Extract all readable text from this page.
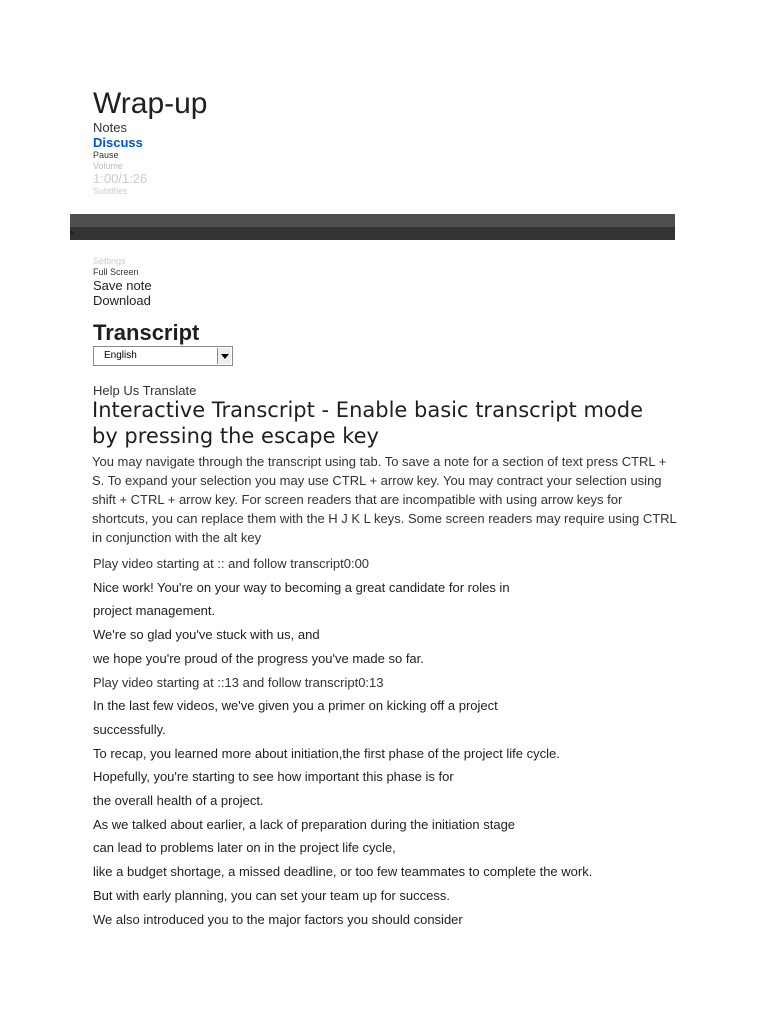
Wrap-up
Notes
Discuss
Pause
Volume
1:00/1:26
Subtitles
Settings
Full Screen
Save note
Download
Transcript
English
Help Us Translate
Interactive Transcript - Enable basic transcript mode by pressing the escape key
You may navigate through the transcript using tab. To save a note for a section of text press CTRL + S. To expand your selection you may use CTRL + arrow key. You may contract your selection using shift + CTRL + arrow key. For screen readers that are incompatible with using arrow keys for shortcuts, you can replace them with the H J K L keys. Some screen readers may require using CTRL in conjunction with the alt key
Play video starting at :: and follow transcript0:00
Nice work! You're on your way to becoming a great candidate for roles in
project management.
We're so glad you've stuck with us, and
we hope you're proud of the progress you've made so far.
Play video starting at ::13 and follow transcript0:13
In the last few videos, we've given you a primer on kicking off a project
successfully.
To recap, you learned more about initiation,the first phase of the project life cycle.
Hopefully, you're starting to see how important this phase is for
the overall health of a project.
As we talked about earlier, a lack of preparation during the initiation stage
can lead to problems later on in the project life cycle,
like a budget shortage, a missed deadline, or too few teammates to complete the work.
But with early planning, you can set your team up for success.
We also introduced you to the major factors you should consider
